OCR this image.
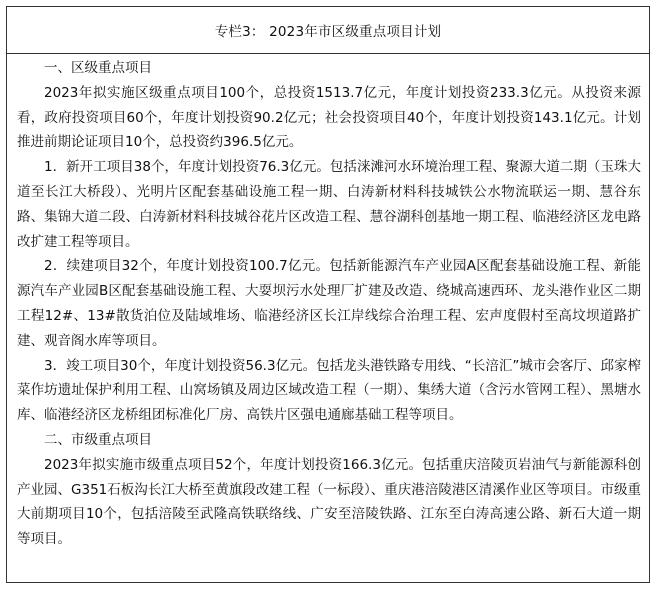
专栏3： 2023年市区级重点项目计划

一、区级重点项目

2023年拟实施区级重点项目100个，总投资1513.7亿元，年度计划投资233.3亿元。从投资来源看，政府投资项目60个，年度计划投资90.2亿元；社会投资项目40个，年度计划投资143.1亿元。计划推进前期论证项目10个，总投资约396.5亿元。

1．新开工项目38个，年度计划投资76.3亿元。包括涞滩河水环境治理工程、聚源大道二期（玉珠大道至长江大桥段）、光明片区配套基础设施工程一期、白涛新材料科技城铁公水物流联运一期、慧谷东路、集锦大道二段、白涛新材料科技城谷花片区改造工程、慧谷湖科创基地一期工程、临港经济区龙电路改扩建工程等项目。

2．续建项目32个，年度计划投资100.7亿元。包括新能源汽车产业园A区配套基础设施工程、新能源汽车产业园B区配套基础设施工程、大耍坝污水处理厂扩建及改造、绕城高速西环、龙头港作业区二期工程12#、13#散货泊位及陆域堆场、临港经济区长江岸线综合治理工程、宏声度假村至高坟坝道路扩建、观音阁水库等项目。

3．竣工项目30个，年度计划投资56.3亿元。包括龙头港铁路专用线、“长涪汇”城市会客厅、邱家榨菜作坊遗址保护利用工程、山窝场镇及周边区域改造工程（一期）、集绣大道（含污水管网工程）、黑塘水库、临港经济区龙桥组团标准化厂房、高铁片区强电通廊基础工程等项目。

二、市级重点项目

2023年拟实施市级重点项目52个，年度计划投资166.3亿元。包括重庆涪陵页岩油气与新能源科创产业园、G351石板沟长江大桥至黄旗段改建工程（一标段）、重庆港涪陵港区清溪作业区等项目。市级重大前期项目10个，包括涪陵至武隆高铁联络线、广安至涪陵铁路、江东至白涛高速公路、新石大道一期等项目。
